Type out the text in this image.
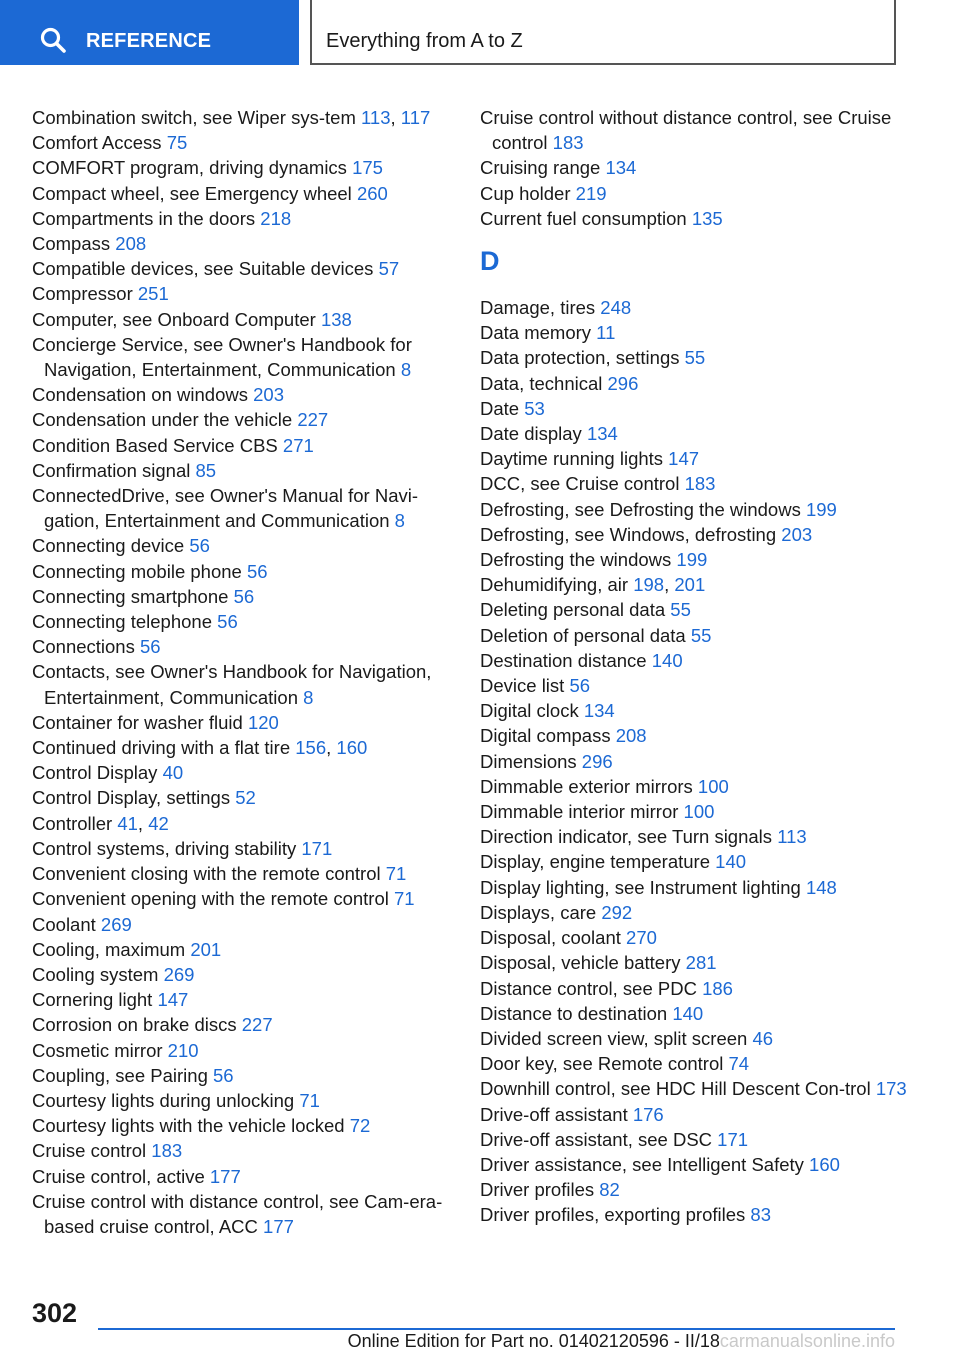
REFERENCE	Everything from A to Z
Combination switch, see Wiper sys‐tem 113, 117
Comfort Access 75
COMFORT program, driving dynamics 175
Compact wheel, see Emergency wheel 260
Compartments in the doors 218
Compass 208
Compatible devices, see Suitable devices 57
Compressor 251
Computer, see Onboard Computer 138
Concierge Service, see Owner's Handbook for Navigation, Entertainment, Communication 8
Condensation on windows 203
Condensation under the vehicle 227
Condition Based Service CBS 271
Confirmation signal 85
ConnectedDrive, see Owner's Manual for Navi‐gation, Entertainment and Communication 8
Connecting device 56
Connecting mobile phone 56
Connecting smartphone 56
Connecting telephone 56
Connections 56
Contacts, see Owner's Handbook for Navigation, Entertainment, Communication 8
Container for washer fluid 120
Continued driving with a flat tire 156, 160
Control Display 40
Control Display, settings 52
Controller 41, 42
Control systems, driving stability 171
Convenient closing with the remote control 71
Convenient opening with the remote control 71
Coolant 269
Cooling, maximum 201
Cooling system 269
Cornering light 147
Corrosion on brake discs 227
Cosmetic mirror 210
Coupling, see Pairing 56
Courtesy lights during unlocking 71
Courtesy lights with the vehicle locked 72
Cruise control 183
Cruise control, active 177
Cruise control with distance control, see Cam‐era-based cruise control, ACC 177
Cruise control without distance control, see Cruise control 183
Cruising range 134
Cup holder 219
Current fuel consumption 135
D
Damage, tires 248
Data memory 11
Data protection, settings 55
Data, technical 296
Date 53
Date display 134
Daytime running lights 147
DCC, see Cruise control 183
Defrosting, see Defrosting the windows 199
Defrosting, see Windows, defrosting 203
Defrosting the windows 199
Dehumidifying, air 198, 201
Deleting personal data 55
Deletion of personal data 55
Destination distance 140
Device list 56
Digital clock 134
Digital compass 208
Dimensions 296
Dimmable exterior mirrors 100
Dimmable interior mirror 100
Direction indicator, see Turn signals 113
Display, engine temperature 140
Display lighting, see Instrument lighting 148
Displays, care 292
Disposal, coolant 270
Disposal, vehicle battery 281
Distance control, see PDC 186
Distance to destination 140
Divided screen view, split screen 46
Door key, see Remote control 74
Downhill control, see HDC Hill Descent Con‐trol 173
Drive-off assistant 176
Drive-off assistant, see DSC 171
Driver assistance, see Intelligent Safety 160
Driver profiles 82
Driver profiles, exporting profiles 83
302
Online Edition for Part no. 01402120596 - II/18carmanualsonline.info
